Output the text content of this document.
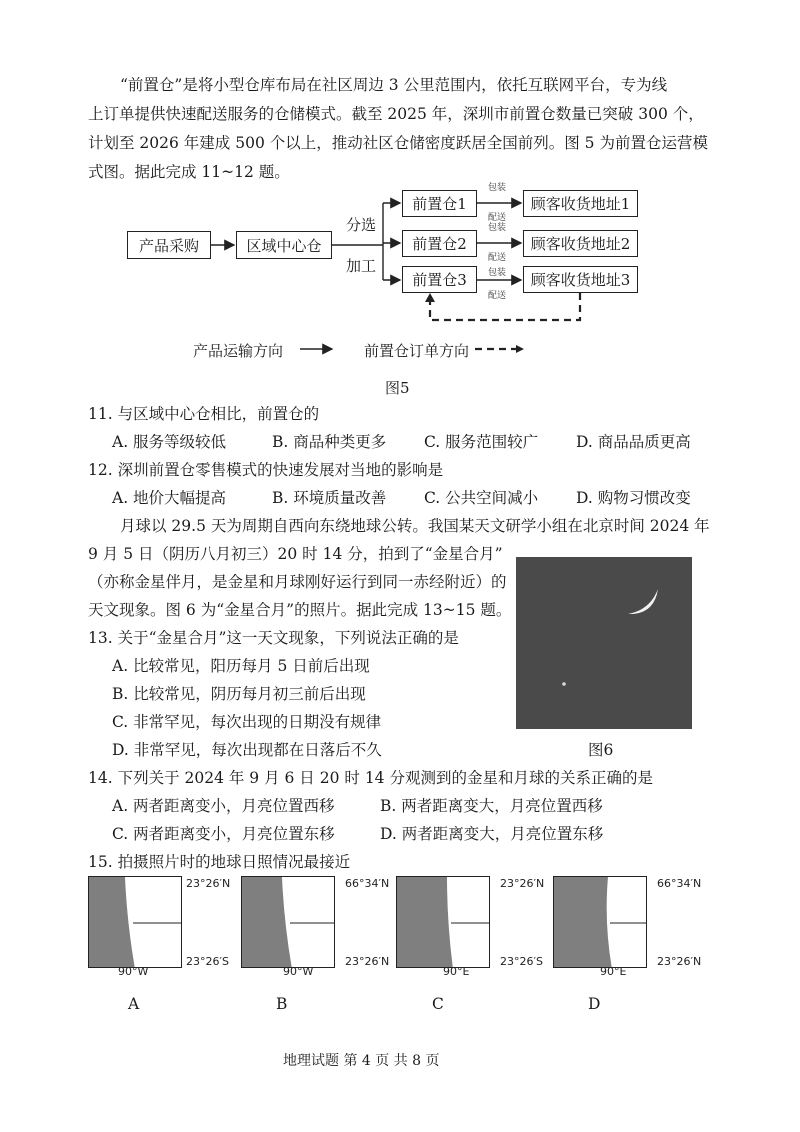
“前置仓”是将小型仓库布局在社区周边 3 公里范围内，依托互联网平台，专为线
上订单提供快速配送服务的仓储模式。截至 2025 年，深圳市前置仓数量已突破 300 个，
计划至 2026 年建成 500 个以上，推动社区仓储密度跃居全国前列。图 5 为前置仓运营模
式图。据此完成 11~12 题。
产品采购	区域中心仓
前置仓1
前置仓2
前置仓3
顾客收货地址1
顾客收货地址2
顾客收货地址3
分选
加工
包装
配送
包装
配送
包装
配送
产品运输方向	前置仓订单方向
图5
11. 与区域中心仓相比，前置仓的
A. 服务等级较低	B. 商品种类更多 C. 服务范围较广 D. 商品品质更高
12. 深圳前置仓零售模式的快速发展对当地的影响是
A. 地价大幅提高	B. 环境质量改善 C. 公共空间减小 D. 购物习惯改变
月球以 29.5 天为周期自西向东绕地球公转。我国某天文研学小组在北京时间 2024 年
9 月 5 日（阴历八月初三）20 时 14 分，拍到了“金星合月”
（亦称金星伴月，是金星和月球刚好运行到同一赤经附近）的
天文现象。图 6 为“金星合月”的照片。据此完成 13~15 题。
图6
13. 关于“金星合月”这一天文现象，下列说法正确的是
A. 比较常见，阳历每月 5 日前后出现
B. 比较常见，阴历每月初三前后出现
C. 非常罕见，每次出现的日期没有规律
D. 非常罕见，每次出现都在日落后不久
14. 下列关于 2024 年 9 月 6 日 20 时 14 分观测到的金星和月球的关系正确的是
A. 两者距离变小，月亮位置西移	B. 两者距离变大，月亮位置西移
C. 两者距离变小，月亮位置东移	D. 两者距离变大，月亮位置东移
15. 拍摄照片时的地球日照情况最接近
23°26′N
23°26′S
90°W
A
66°34′N
23°26′N
90°W
B
23°26′N
23°26′S
90°E
C
66°34′N
23°26′N
90°E
D
地理试题 第 4 页 共 8 页
